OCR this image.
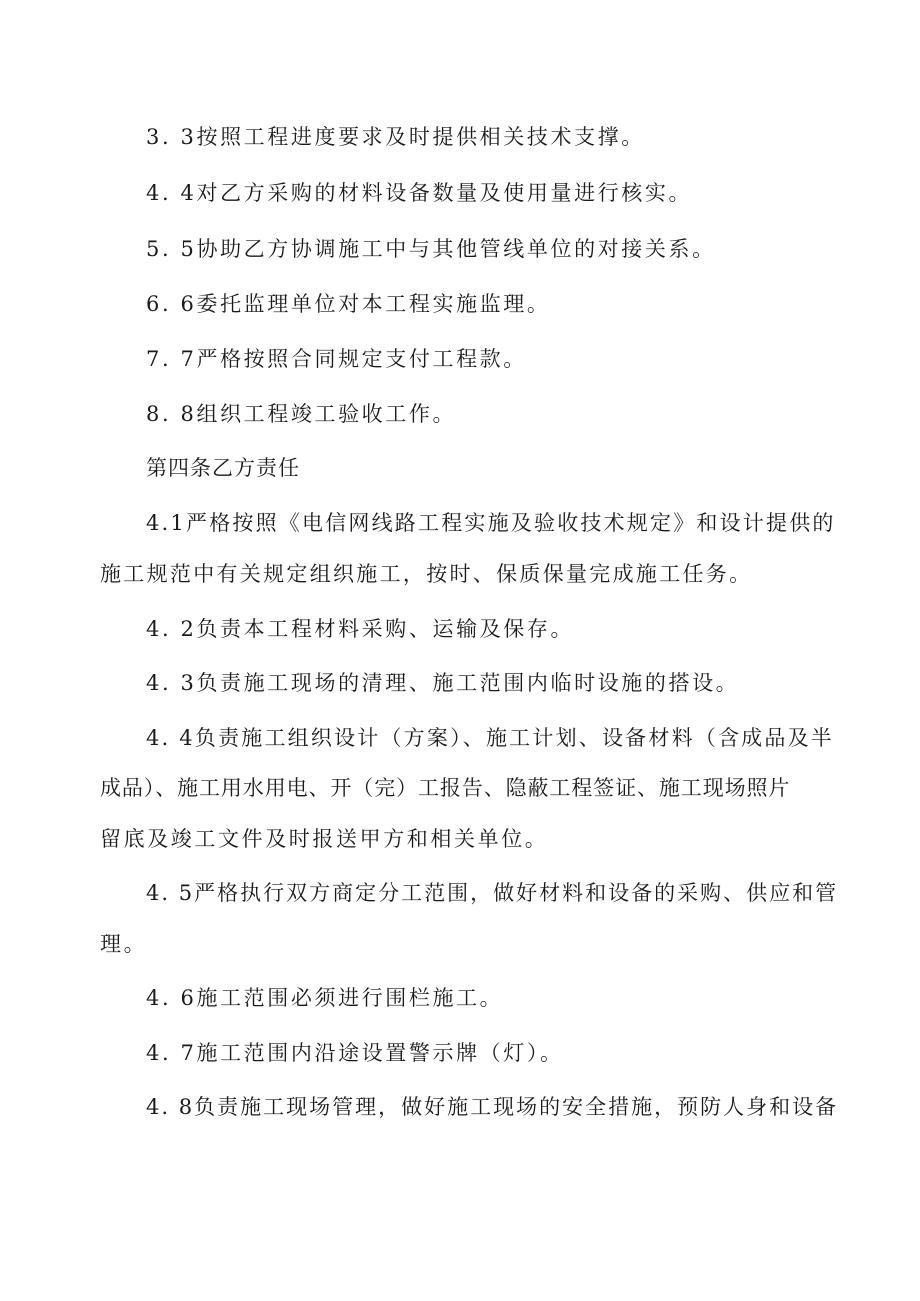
3. 3按照工程进度要求及时提供相关技术支撑。
4. 4对乙方采购的材料设备数量及使用量进行核实。
5. 5协助乙方协调施工中与其他管线单位的对接关系。
6. 6委托监理单位对本工程实施监理。
7. 7严格按照合同规定支付工程款。
8. 8组织工程竣工验收工作。
第四条乙方责任
4.1严格按照《电信网线路工程实施及验收技术规定》和设计提供的
施工规范中有关规定组织施工，按时、保质保量完成施工任务。
4. 2负责本工程材料采购、运输及保存。
4. 3负责施工现场的清理、施工范围内临时设施的搭设。
4. 4负责施工组织设计（方案）、施工计划、设备材料（含成品及半
成品）、施工用水用电、开（完）工报告、隐蔽工程签证、施工现场照片
留底及竣工文件及时报送甲方和相关单位。
4. 5严格执行双方商定分工范围，做好材料和设备的采购、供应和管
理。
4. 6施工范围必须进行围栏施工。
4. 7施工范围内沿途设置警示牌（灯）。
4. 8负责施工现场管理，做好施工现场的安全措施，预防人身和设备
